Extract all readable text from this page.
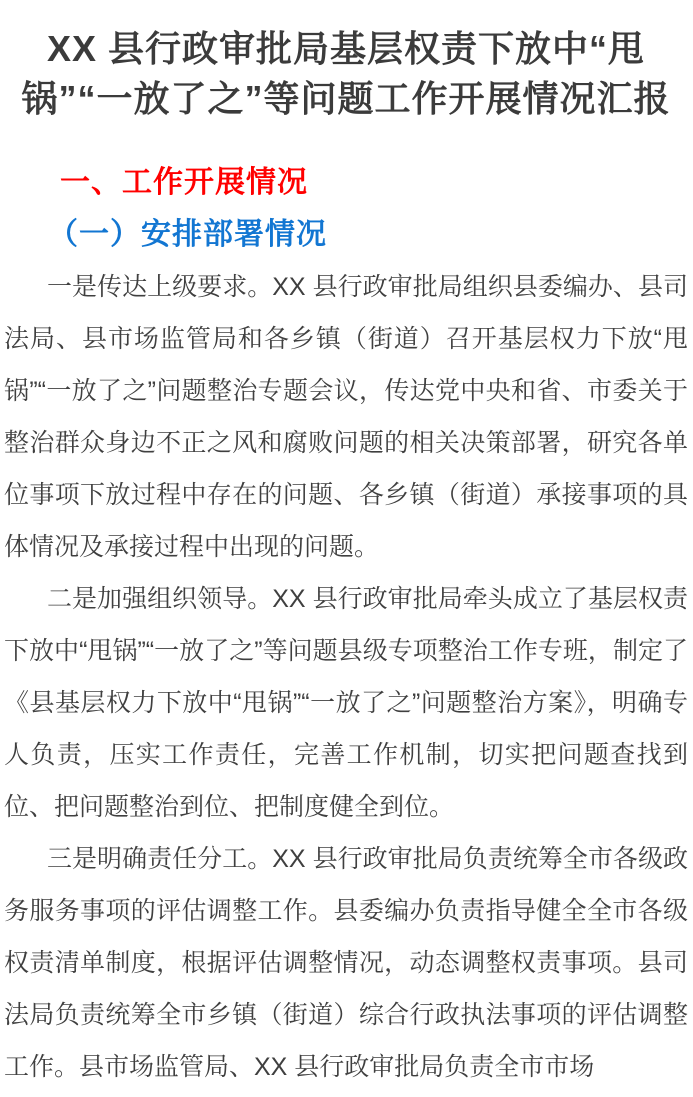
XX 县行政审批局基层权责下放中“甩锅”“一放了之”等问题工作开展情况汇报
一、工作开展情况
（一）安排部署情况

一是传达上级要求。XX 县行政审批局组织县委编办、县司法局、县市场监管局和各乡镇（街道）召开基层权力下放“甩锅”“一放了之”问题整治专题会议，传达党中央和省、市委关于整治群众身边不正之风和腐败问题的相关决策部署，研究各单位事项下放过程中存在的问题、各乡镇（街道）承接事项的具体情况及承接过程中出现的问题。

二是加强组织领导。XX 县行政审批局牵头成立了基层权责下放中“甩锅”“一放了之”等问题县级专项整治工作专班，制定了《县基层权力下放中“甩锅”“一放了之”问题整治方案》，明确专人负责，压实工作责任，完善工作机制，切实把问题查找到位、把问题整治到位、把制度健全到位。

三是明确责任分工。XX 县行政审批局负责统筹全市各级政务服务事项的评估调整工作。县委编办负责指导健全全市各级权责清单制度，根据评估调整情况，动态调整权责事项。县司法局负责统筹全市乡镇（街道）综合行政执法事项的评估调整工作。县市场监管局、XX 县行政审批局负责全市市场
